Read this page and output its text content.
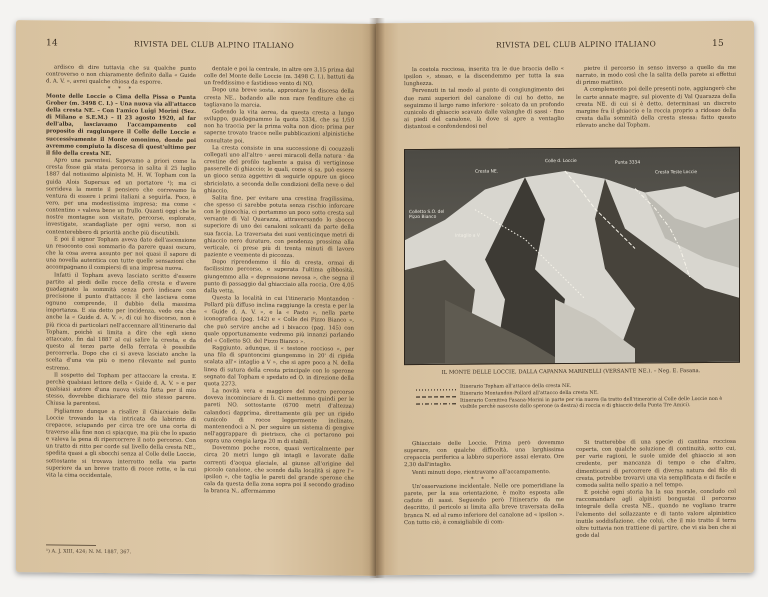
14	RIVISTA DEL CLUB ALPINO ITALIANO

ardisco di dire tuttavia che su qualche punto controverso o non chiaramente definito dalla « Guide d. A. V. », avrei qualche chiosa da esporre.

* * *

Monte delle Loccie o Cima della Pissa o Punta Grober (m. 3498 C. I.) – Una nuova via all'attacco della cresta NE. – Con l'amico Luigi Morini (Sez. di Milano e S.E.M.) – Il 23 agosto 1920, al far dell'alba, lasciavamo l'accampamento col proposito di raggiungere il Colle delle Loccie e successivamente il Monte omonimo, donde poi avremmo compiuto la discesa di quest'ultimo per il filo della cresta NE.

Apro una parentesi. Sapevamo a priori come la cresta fosse già stata percorsa in salita il 25 luglio 1887 dal notissimo alpinista M. H. W. Topham con la guida Alois Supersax ed un portatore ¹); ma ci sorrideva la mente il pensiero che correvamo la ventura di essere i primi italiani a seguirla. Poco, è vero, per una modestissima impresa; ma come « contentino » valeva bene un frullo. Quanti oggi che le nostre montagne son visitate, percorse, esplorate, investigate, scandagliate per ogni verso, non si contenterebbero di priorità anche più discutibili.

E poi il signor Topham aveva dato dell'ascensione un resoconto così sommario da parere quasi oscuro, che la cosa aveva assunto per noi quasi il sapore di una novella autentica con tutte quelle sensazioni che accompagnano il compiersi di una impresa nuova.

Infatti il Topham aveva lasciato scritto d'essere partito al piedi delle rocce della cresta e d'avere guadagnato la sommità senza però indicare con precisione il punto d'attacco; il che lasciava come ognuno comprende, il dubbio della massima importanza. E sia detto per incidenza, vedo ora che anche la « Guide d. A. V. », di cui ho discorso, non è più ricca di particolari nell'accennare all'itinerario dal Topham, poichè si limita a dire che egli sieno attaccato, fin dal 1887 al cui salire la cresta, e da questo al terzo parte della ferrata è possibile percorrerla. Dopo che ci si aveva lasciato anche la scelta d'una via più o meno rilevante nel punto estremo.

Il sospetto del Topham per attaccare la cresta. E perchè qualsiasi lettore della « Guide d. A. V. » e per qualsiasi autore d'una nuova visita fatta per il mio stesso, dovrebbe dichiarare del mio stesso parere. Chiusa la parentesi.

Pigliammo dunque a risalire il Ghiacciaio delle Loccie trovando la via intricata da labirinto di crepacce, sciupando per circa tre ore una corta di traverso alla fine non ci spiacque, ma più che lo spazio e valeva la pena di ripercorrere il noto percorso. Con un tratto di ritto per corde sul livello della cresta NE., spedita quasi a gli sbocchi senza al Colle delle Loccie, sottostante si trovava interrotto nella via parte superiore da un breve tratto di rocce rotte, e la cui vita la cima occidentale.

dentale e poi la centrale, in altre ore 3,15 prima dal colle del Monte delle Loccie (m. 3498 C. I.), battuti da un freddissimo e fastidioso vento di NO.

Dopo una breve sosta, approntare la discesa della cresta NE., badando alle non rare fenditure che ci tagliavano la marcia.

Godendo la vita aerea, da questa cresta a lungo sviluppo, guadagnammo la quota 3334, che su 1/50 non ha traccia per la prima volta non dico; prima per saperne trovato tracce nelle pubblicazioni alpinistiche consultate poi.

La cresta consiste in una successione di cocuzzoli collegati uno all'altro · aerei miracoli della natura · da crestine del profilo tagliente a guisa di vertiginose passerelle di ghiaccio; le quali, come si sa, può essere un gioco senza aggettivi di seguirle oppure un gioco sbriciolato, a seconda delle condizioni della neve o del ghiaccio.

Salita fine, per evitare una crestina fragilissima, che spesso ci sarebbe potuta senza rischio inforcare con le ginocchia, ci portammo un poco sotto cresta sul versante di Val Quarazza, attraversando lo sbocco superiore di uno dei canaloni solcanti da parte della sua faccia. La traversata dei suoi venticinque metri di ghiaccio nero duraturo, con pendenza prossima alla verticale, ci prese più di trenta minuti di lavoro paziente e veemente di piccozza.

Dopo riprendemmo il filo di cresta, ormai di facilissimo percorso, e superata l'ultima gibbosità, giungemmo alla « depressione nevosa », che segna il punto di passaggio dal ghiacciaio alla roccia. Ore 4,05 dalla vetta.

Questa la località in cui l'itinerario Montandon · Pollard più diffuso inclina raggiunge la cresta e per la « Guide d. A. V. », e la « Pasto », nella parte iconografica (pag. 142) e « Colle dei Pizzo Bianco », che può servire anche ad i bivacco (pag. 145) con quale opportunamente vedremo più innanzi parlando del « Colletto SO. del Pizzo Bianco ».

Raggiunto, adunque, il « testone roccioso », per una fila di spuntoncini giungemmo in 20' di ripida scalata all'« intaglio a V », che si apre poco a N. della linea di sutura della cresta principale con lo sperone segnato dal Topham e spedato ed O. in direzione della quota 2273.

La novità vera e maggiore del nostro percorso doveva incominciare di lì. Ci mettemmo quindi per le pareti NO. sottostante (6700 metri d'altezza) calandoci dapprima, direttamente giù per un ripido cunicolo di rocce leggermente inclinato, mantenendoci a N. per seguire un sistema di gengive nell'aggrappare di pietrisco, che ci portarono poi sopra una cengia larga 20 m di stabili.

Dovemmo poche rocce, quasi verticalmente per circa 20 metri lungo gli intagli e lavorate dalle correnti d'acqua glaciale, al giunse all'origine del piccolo canalone, che scende dalla località si apre l'« ipsilon », che taglia le pareti del grande sperone che cala da questa della zona sopra poi il secondo gradino la branca N., affermammo

¹) A. J. XIII, 424; N. M. 1887, 367.
RIVISTA DEL CLUB ALPINO ITALIANO	15

la costola rocciosa, inserita tra le due braccia dello « ipsilon », stesso, e la discendemmo per tutta la sua lunghezza.

Pervenuti in tal modo al punto di congiungimento dei due rami superiori del canalone di cui ho detto, ne seguimmo il largo ramo inferiore · solcato da un profondo cunicolo di ghiaccio scavato dalle valanghe di sassi · fino ai piedi del canalone, là dove si apre a ventaglio distantosi e confondendosi nel

pietre il percorso in senso inverso a quello da me narrato, in modo così che la salita della parete si effettui di primo mattino.

A complemento poi delle presenti note, aggiungerò che le carte annate magre, sul piovente di Val Quarazza della cresta NE. di cui si è detto, determinasi un discreto margine fra il ghiaccio e la roccia proprio a ridosso della cresta dalla sommità della cresta stessa: fatto questo rilevato anche dal Topham.

Colle d. Loccie
Cresta NE.
Colletto S.O. del Pizzo Bianco
Intaglio a V
Cresta Teste Loccie
Punta 3334
IL MONTE DELLE LOCCIE, DALLA CAPANNA MARINELLI (VERSANTE NE.). – Neg. E. Fasana.
Itinerario Topham all'attacco della cresta NE.
Itinerario Montandon-Pollard all'attacco della cresta NE.
Itinerario Cornitiva Fasana-Morini in parte per via nuova (la tratto dell'itinerario al Colle delle Loccie non è visibile perchè nascosto dallo sperone (a destra) di roccia e di ghiaccio della Punta Tre Amici).

Ghiacciaio delle Loccie. Prima però dovemmo superare, con qualche difficoltà, una larghissima crepaccia periferica a labbro superiore assai elevato. Ore 2,30 dall'intaglio.

Venti minuti dopo, rientravamo all'accampamento.

* * *

Un'osservazione incidentale. Nelle ore pomeridiane la parete, per la sua orientazione, è molto esposta alle cadute di sassi. Seguendo però l'itinerario da me descritto, il pericolo si limita alla breve traversata della branca N. ed al ramo inferiore del canalone ad « ipsilon ». Con tutto ciò, è consigliabile di com-

Si tratterebbe di una specie di cantina rocciosa coperta, con qualche soluzione di continuità, sotto cui, per varie ragioni, le suole umide del ghiaccio si son credente, per mancanza di tempo o che d'altro, dimenticarsi di percorrere di diversa natura del filo di cresta, potrebbe trovarvi una via semplificata e di facile e comoda salita nello spazio a nel tempo.

E poichè ogni storia ha la sua morale, concludo col raccomandare agli alpinisti bongustai il percorso integrale della cresta NE., quando ne vogliano trarre l'elemento del sollazzante e di tanto valore alpinistico inutile soddisfazione, che colui, che il mio tratto il terra oltre tuttavia non trattiene di partire, che vi sia ben che si gode dal
